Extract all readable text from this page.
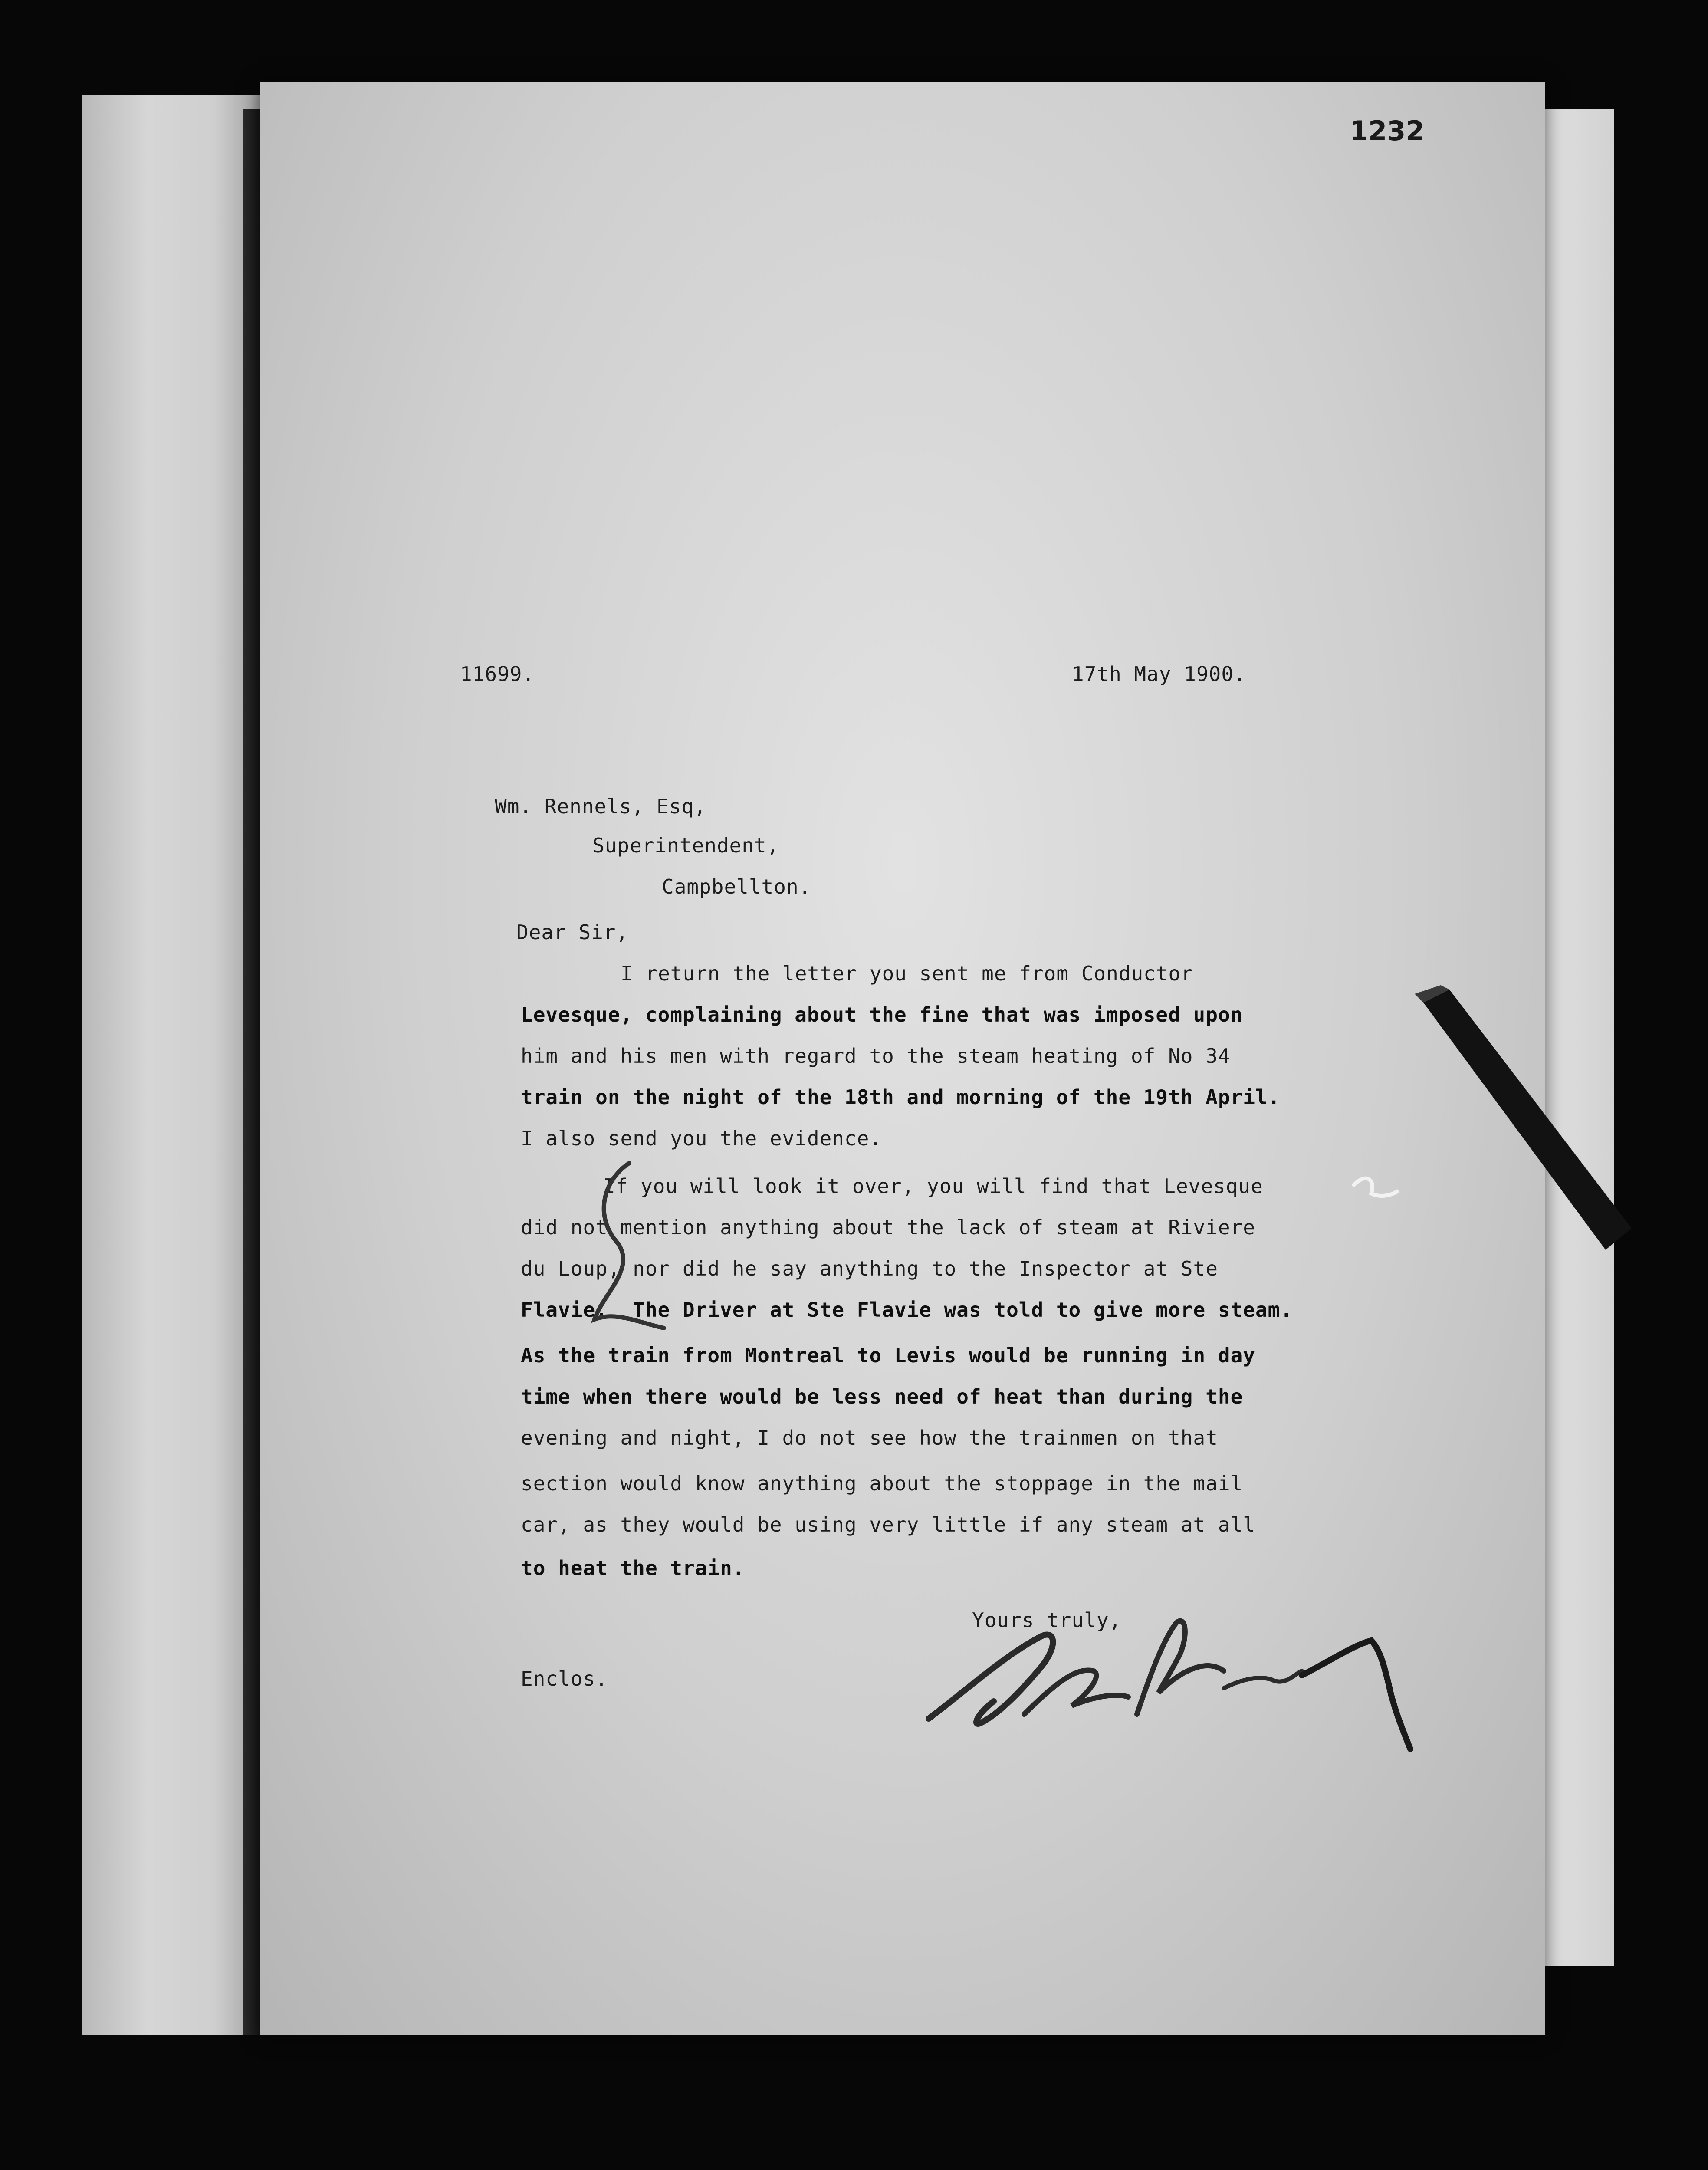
1232
11699.	17th May 1900.
Wm. Rennels, Esq,
Superintendent,
Campbellton.
Dear Sir,
I return the letter you sent me from Conductor
Levesque, complaining about the fine that was imposed upon
him and his men with regard to the steam heating of No 34
train on the night of the 18th and morning of the 19th April.
I also send you the evidence.
If you will look it over, you will find that Levesque
did not mention anything about the lack of steam at Riviere
du Loup, nor did he say anything to the Inspector at Ste
Flavie.  The Driver at Ste Flavie was told to give more steam.
As the train from Montreal to Levis would be running in day
time when there would be less need of heat than during the
evening and night, I do not see how the trainmen on that
section would know anything about the stoppage in the mail
car, as they would be using very little if any steam at all
to heat the train.
Yours truly,
Enclos.
